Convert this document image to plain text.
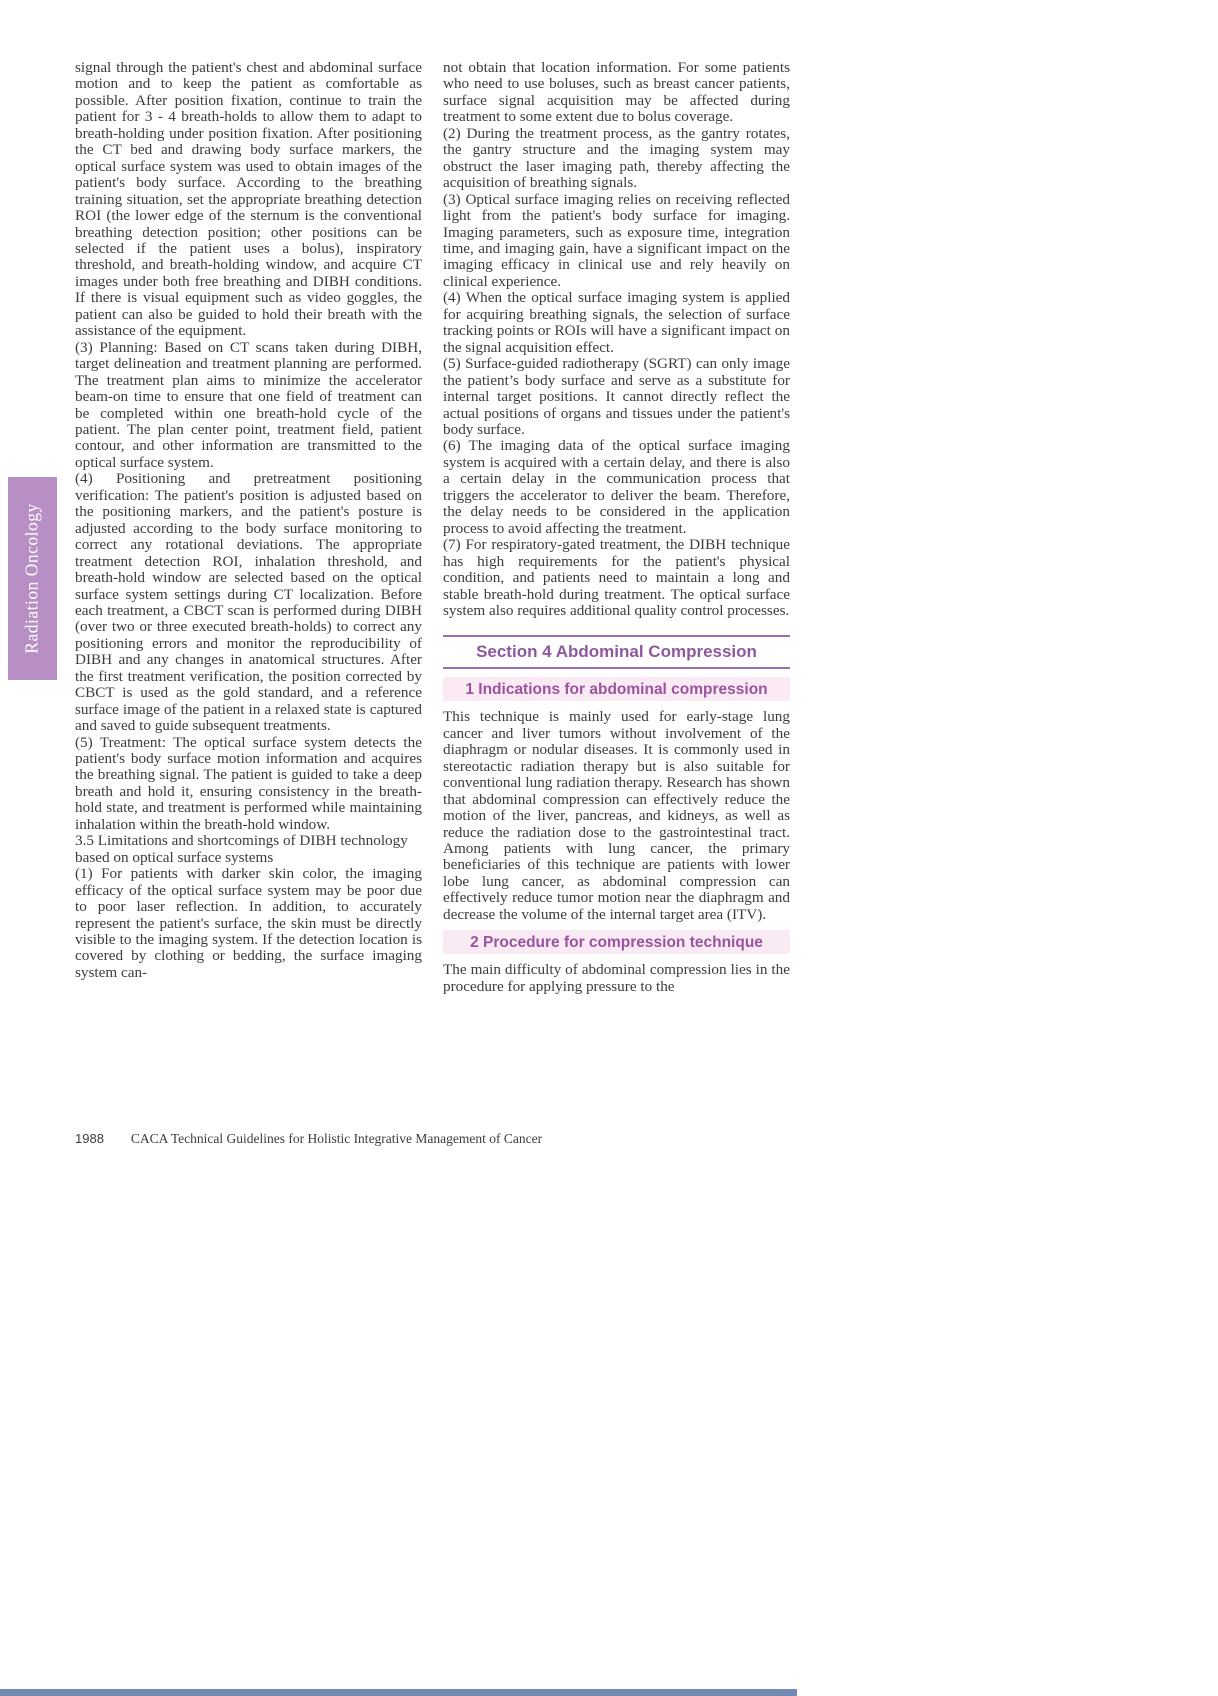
Radiation Oncology

signal through the patient's chest and abdominal surface motion and to keep the patient as comfortable as possible. After position fixation, continue to train the patient for 3 - 4 breath-holds to allow them to adapt to breath-holding under position fixation. After positioning the CT bed and drawing body surface markers, the optical surface system was used to obtain images of the patient's body surface. According to the breathing training situation, set the appropriate breathing detection ROI (the lower edge of the sternum is the conventional breathing detection position; other positions can be selected if the patient uses a bolus), inspiratory threshold, and breath-holding window, and acquire CT images under both free breathing and DIBH conditions. If there is visual equipment such as video goggles, the patient can also be guided to hold their breath with the assistance of the equipment.

(3) Planning: Based on CT scans taken during DIBH, target delineation and treatment planning are performed. The treatment plan aims to minimize the accelerator beam-on time to ensure that one field of treatment can be completed within one breath-hold cycle of the patient. The plan center point, treatment field, patient contour, and other information are transmitted to the optical surface system.

(4) Positioning and pretreatment positioning verification: The patient's position is adjusted based on the positioning markers, and the patient's posture is adjusted according to the body surface monitoring to correct any rotational deviations. The appropriate treatment detection ROI, inhalation threshold, and breath-hold window are selected based on the optical surface system settings during CT localization. Before each treatment, a CBCT scan is performed during DIBH (over two or three executed breath-holds) to correct any positioning errors and monitor the reproducibility of DIBH and any changes in anatomical structures. After the first treatment verification, the position corrected by CBCT is used as the gold standard, and a reference surface image of the patient in a relaxed state is captured and saved to guide subsequent treatments.

(5) Treatment: The optical surface system detects the patient's body surface motion information and acquires the breathing signal. The patient is guided to take a deep breath and hold it, ensuring consistency in the breath-hold state, and treatment is performed while maintaining inhalation within the breath-hold window.

3.5 Limitations and shortcomings of DIBH technology based on optical surface systems

(1) For patients with darker skin color, the imaging efficacy of the optical surface system may be poor due to poor laser reflection. In addition, to accurately represent the patient's surface, the skin must be directly visible to the imaging system. If the detection location is covered by clothing or bedding, the surface imaging system can-

not obtain that location information. For some patients who need to use boluses, such as breast cancer patients, surface signal acquisition may be affected during treatment to some extent due to bolus coverage.

(2) During the treatment process, as the gantry rotates, the gantry structure and the imaging system may obstruct the laser imaging path, thereby affecting the acquisition of breathing signals.

(3) Optical surface imaging relies on receiving reflected light from the patient's body surface for imaging. Imaging parameters, such as exposure time, integration time, and imaging gain, have a significant impact on the imaging efficacy in clinical use and rely heavily on clinical experience.

(4) When the optical surface imaging system is applied for acquiring breathing signals, the selection of surface tracking points or ROIs will have a significant impact on the signal acquisition effect.

(5) Surface-guided radiotherapy (SGRT) can only image the patient’s body surface and serve as a substitute for internal target positions. It cannot directly reflect the actual positions of organs and tissues under the patient's body surface.

(6) The imaging data of the optical surface imaging system is acquired with a certain delay, and there is also a certain delay in the communication process that triggers the accelerator to deliver the beam. Therefore, the delay needs to be considered in the application process to avoid affecting the treatment.

(7) For respiratory-gated treatment, the DIBH technique has high requirements for the patient's physical condition, and patients need to maintain a long and stable breath-hold during treatment. The optical surface system also requires additional quality control processes.

Section 4 Abdominal Compression
1 Indications for abdominal compression

This technique is mainly used for early-stage lung cancer and liver tumors without involvement of the diaphragm or nodular diseases. It is commonly used in stereotactic radiation therapy but is also suitable for conventional lung radiation therapy. Research has shown that abdominal compression can effectively reduce the motion of the liver, pancreas, and kidneys, as well as reduce the radiation dose to the gastrointestinal tract. Among patients with lung cancer, the primary beneficiaries of this technique are patients with lower lobe lung cancer, as abdominal compression can effectively reduce tumor motion near the diaphragm and decrease the volume of the internal target area (ITV).

2 Procedure for compression technique

The main difficulty of abdominal compression lies in the procedure for applying pressure to the

1988 CACA Technical Guidelines for Holistic Integrative Management of Cancer
